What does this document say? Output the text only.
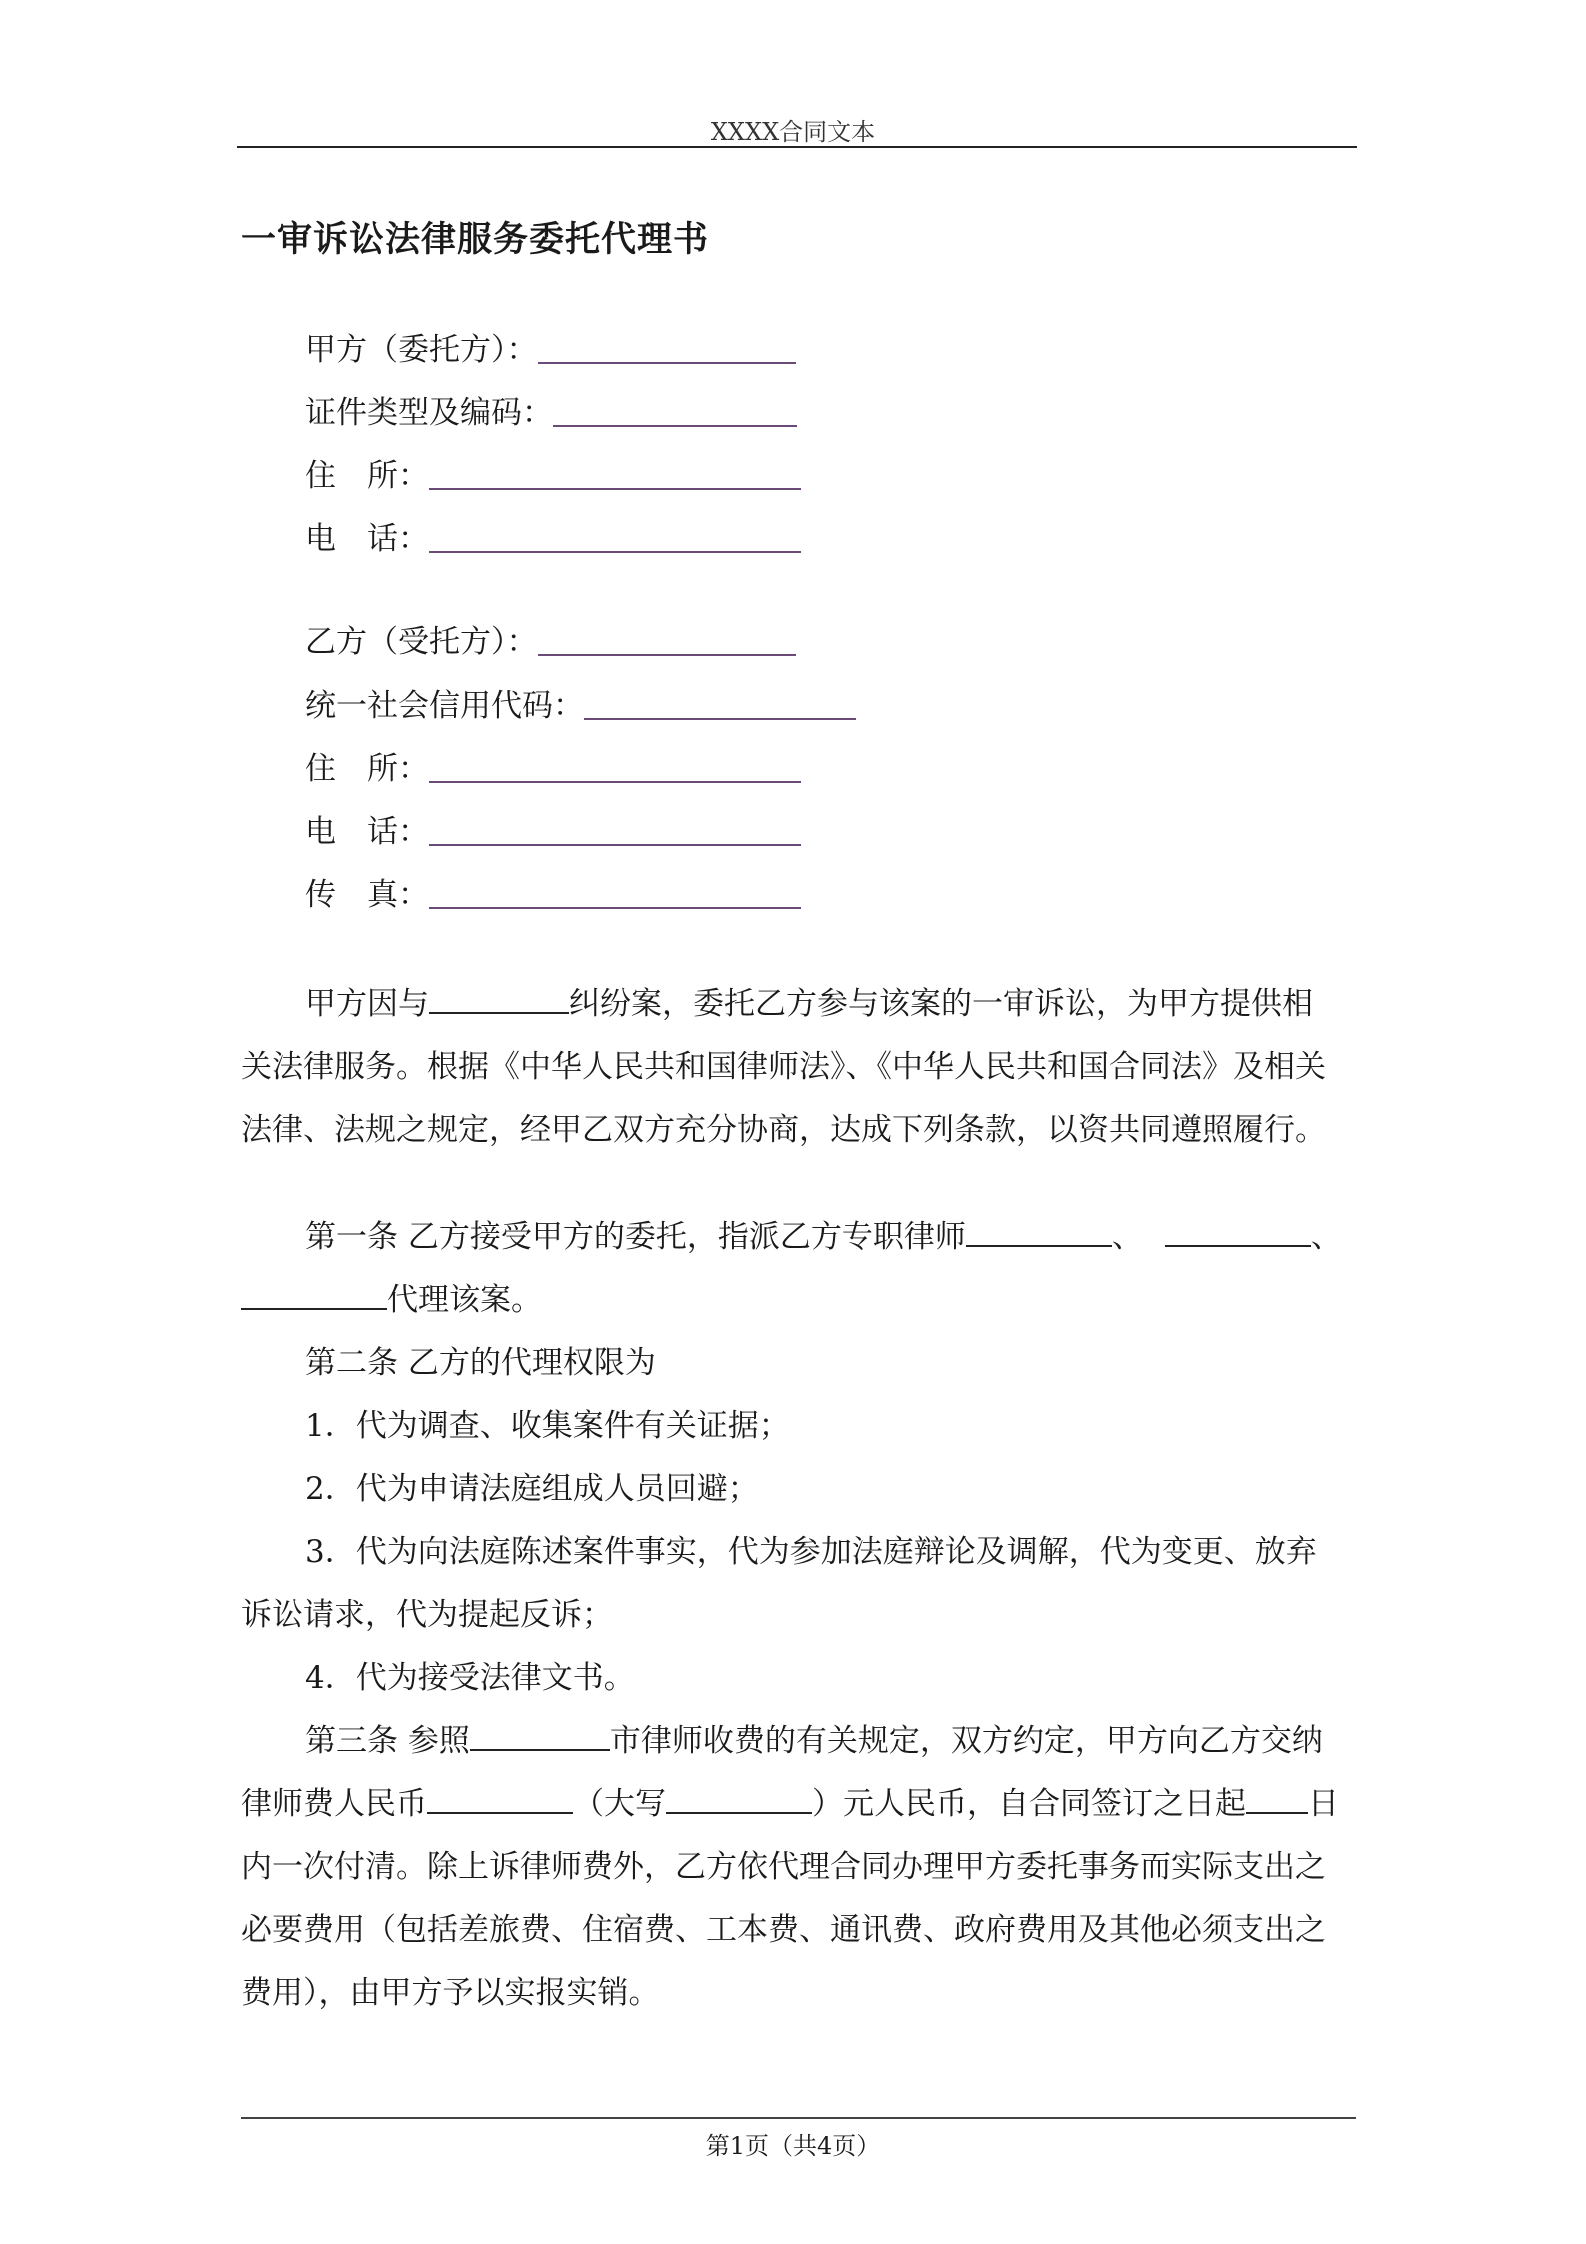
XXXX合同文本
一审诉讼法律服务委托代理书
甲方（委托方）：
证件类型及编码：
住　所：
电　话：
乙方（受托方）：
统一社会信用代码：
住　所：
电　话：
传　真：
甲方因与	纠纷案，委托乙方参与该案的一审诉讼，为甲方提供相
关法律服务。根据《中华人民共和国律师法》、《中华人民共和国合同法》及相关
法律、法规之规定，经甲乙双方充分协商，达成下列条款，以资共同遵照履行。
第一条 乙方接受甲方的委托，指派乙方专职律师	、	、
代理该案。
第二条 乙方的代理权限为
1．代为调查、收集案件有关证据；
2．代为申请法庭组成人员回避；
3．代为向法庭陈述案件事实，代为参加法庭辩论及调解，代为变更、放弃
诉讼请求，代为提起反诉；
4．代为接受法律文书。
第三条 参照	市律师收费的有关规定，双方约定，甲方向乙方交纳
律师费人民币	（大写	）元人民币，自合同签订之日起 日
内一次付清。除上诉律师费外，乙方依代理合同办理甲方委托事务而实际支出之
必要费用（包括差旅费、住宿费、工本费、通讯费、政府费用及其他必须支出之
费用），由甲方予以实报实销。
第1页（共4页）
